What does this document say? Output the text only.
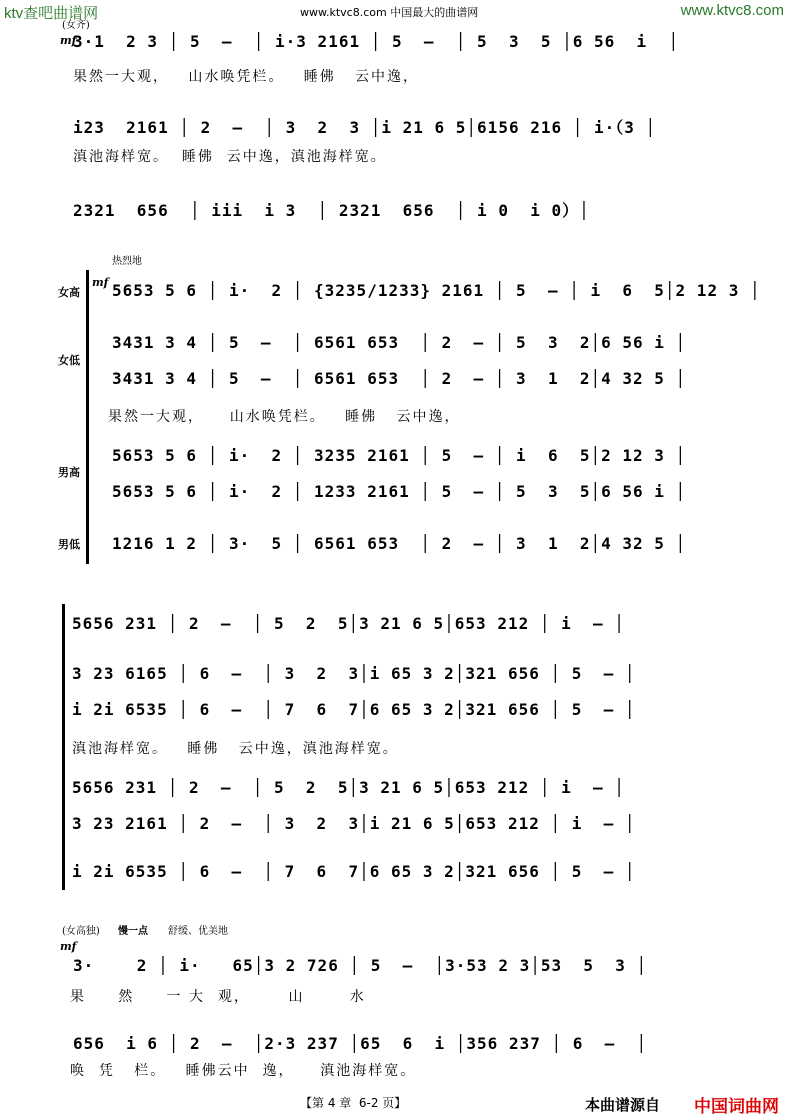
ktv查吧曲谱网	www.ktvc8.com 中国最大的曲谱网	www.ktvc8.com
(女齐)
mf
3·1  2 3 │ 5  –  │ i·3 2161 │ 5  –  │ 5  3  5 │6 56  i  │
果然一大观，   山水唤凭栏。   睡佛   云中逸，
i23  2161 │ 2  –  │ 3  2  3 │i 21 6 5│6156 216 │ i·（3 │
滇池海样宽。  睡佛  云中逸，滇池海样宽。
2321  656  │ iii  i 3  │ 2321  656  │ i 0  i 0）│
热烈地
女高
女低
男高
男低
mf 5653 5 6 │ i·  2 │ {3235/1233} 2161 │ 5  – │ i  6  5│2 12 3 │
3431 3 4 │ 5  –  │ 6561 653  │ 2  – │ 5  3  2│6 56 i │
3431 3 4 │ 5  –  │ 6561 653  │ 2  – │ 3  1  2│4 32 5 │
果然一大观，    山水唤凭栏。   睡佛   云中逸，
5653 5 6 │ i·  2 │ 3235 2161 │ 5  – │ i  6  5│2 12 3 │
5653 5 6 │ i·  2 │ 1233 2161 │ 5  – │ 5  3  5│6 56 i │
1216 1 2 │ 3·  5 │ 6561 653  │ 2  – │ 3  1  2│4 32 5 │
5656 231 │ 2  –  │ 5  2  5│3 21 6 5│653 212 │ i  – │
3 23 6165 │ 6  –  │ 3  2  3│i 65 3 2│321 656 │ 5  – │
i 2i 6535 │ 6  –  │ 7  6  7│6 65 3 2│321 656 │ 5  – │
滇池海样宽。   睡佛   云中逸，滇池海样宽。
5656 231 │ 2  –  │ 5  2  5│3 21 6 5│653 212 │ i  – │
3 23 2161 │ 2  –  │ 3  2  3│i 21 6 5│653 212 │ i  – │
i 2i 6535 │ 6  –  │ 7  6  7│6 65 3 2│321 656 │ 5  – │
(女高独) 慢一点 舒缓、优美地
mf
3·    2 │ i·   65│3 2 726 │ 5  –  │3·53 2 3│53  5  3 │
果     然     一 大  观，      山       水
656  i 6 │ 2  –  │2·3 237 │65  6  i │356 237 │ 6  –  │
唤  凭   栏。   睡佛云中  逸，    滇池海样宽。
【第 4 章  6-2 页】	本曲谱源自 中国词曲网
